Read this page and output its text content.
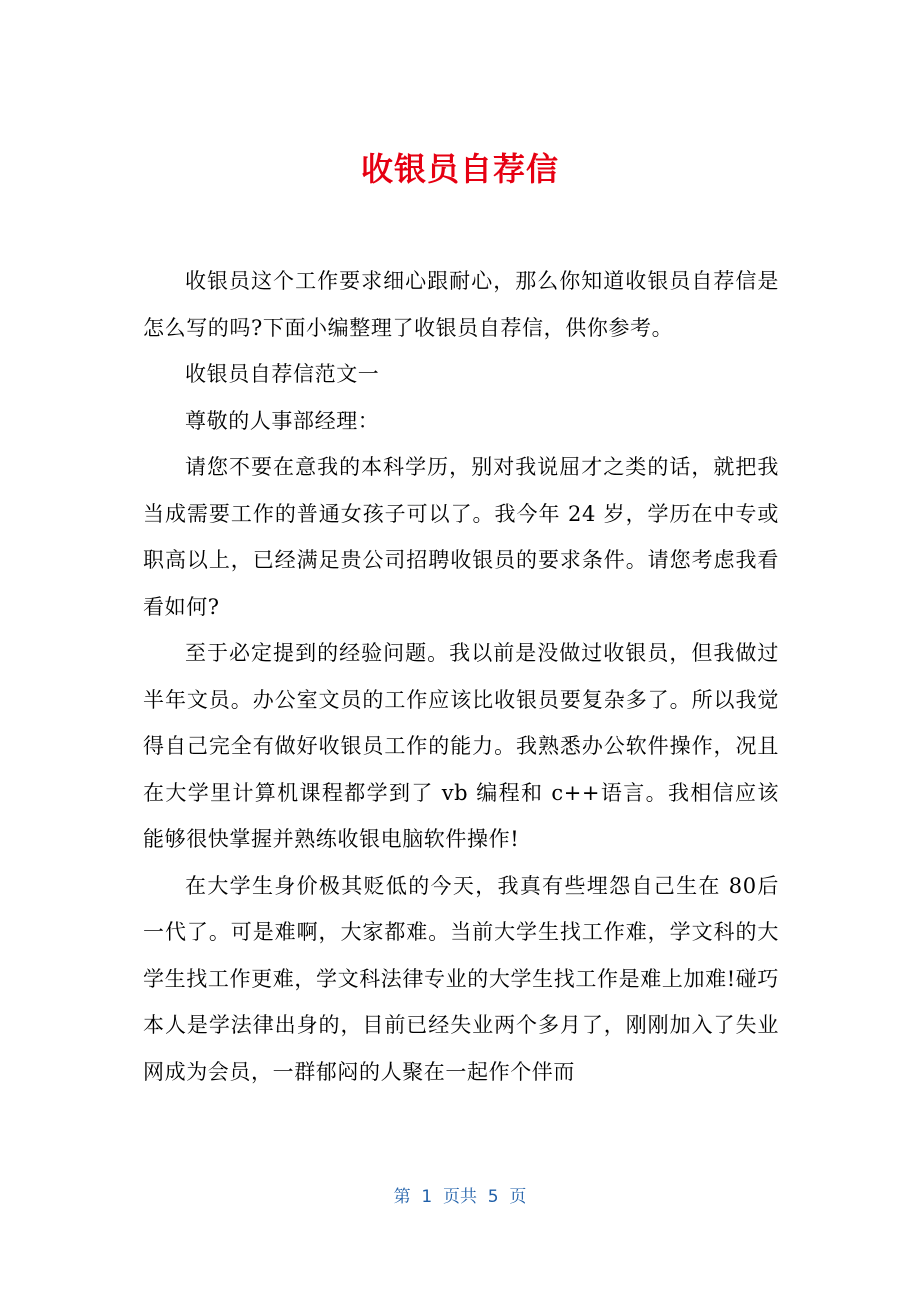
收银员自荐信

收银员这个工作要求细心跟耐心，那么你知道收银员自荐信是怎么写的吗?下面小编整理了收银员自荐信，供你参考。

收银员自荐信范文一

尊敬的人事部经理：

请您不要在意我的本科学历，别对我说屈才之类的话，就把我当成需要工作的普通女孩子可以了。我今年 24 岁，学历在中专或职高以上，已经满足贵公司招聘收银员的要求条件。请您考虑我看看如何?

至于必定提到的经验问题。我以前是没做过收银员，但我做过半年文员。办公室文员的工作应该比收银员要复杂多了。所以我觉得自己完全有做好收银员工作的能力。我熟悉办公软件操作，况且在大学里计算机课程都学到了 vb 编程和 c++语言。我相信应该能够很快掌握并熟练收银电脑软件操作!

在大学生身价极其贬低的今天，我真有些埋怨自己生在 80后一代了。可是难啊，大家都难。当前大学生找工作难，学文科的大学生找工作更难，学文科法律专业的大学生找工作是难上加难!碰巧本人是学法律出身的，目前已经失业两个多月了，刚刚加入了失业网成为会员，一群郁闷的人聚在一起作个伴而

第  1  页共  5  页
